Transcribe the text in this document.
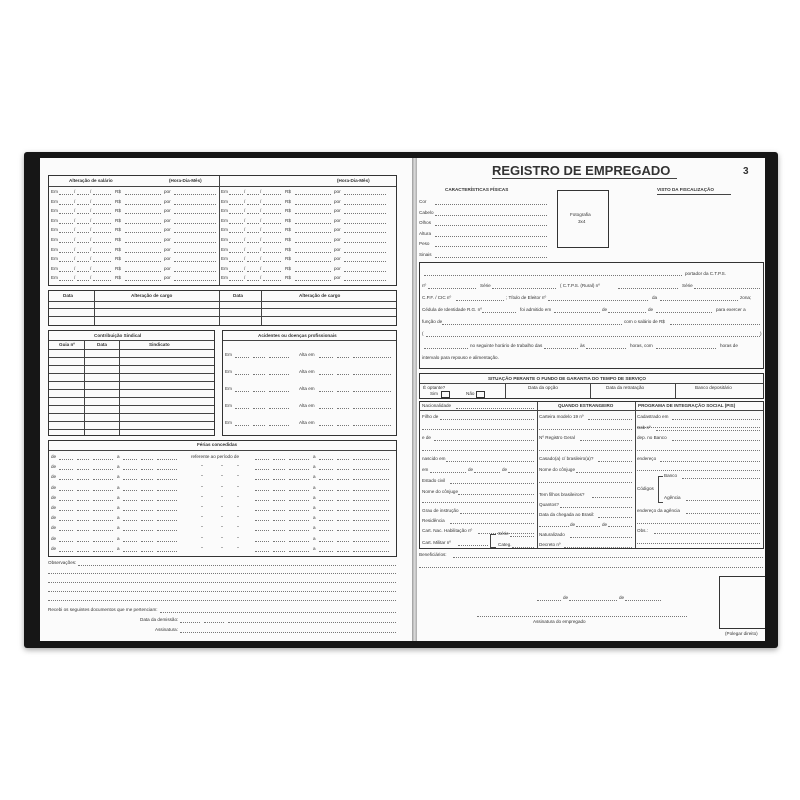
Alteração de salário	(Hora-Dia-Mês)	(Hora-Dia-Mês)
Em	/	/	R$	por	Em	/	/	R$	por
Em	/	/	R$	por	Em	/	/	R$	por
Em	/	/	R$	por	Em	/	/	R$	por
Em	/	/	R$	por	Em	/	/	R$	por
Em	/	/	R$	por	Em	/	/	R$	por
Em	/	/	R$	por	Em	/	/	R$	por
Em	/	/	R$	por	Em	/	/	R$	por
Em	/	/	R$	por	Em	/	/	R$	por
Em	/	/	R$	por	Em	/	/	R$	por
Em	/	/	R$	por	Em	/	/	R$	por
Data	Alteração de cargo	Data	Alteração de cargo
Contribuição Sindical
Guia nº	Data	Sindicato
Acidentes ou doenças profissionais
Em	Alta em
Em	Alta em
Em	Alta em
Em	Alta em
Em	Alta em
Férias concedidas
de	a	referente ao período de	a
de	a	"	"	"	a
de	a	"	"	"	a
de	a	"	"	"	a
de	a	"	"	"	a
de	a	"	"	"	a
de	a	"	"	"	a
de	a	"	"	"	a
de	a	"	"	"	a
de	a	"	"	"	a
Observações:
Recebi os seguintes documentos que me pertenciam:
Data da demissão:
Assinatura:
REGISTRO DE EMPREGADO	3
CARACTERÍSTICAS FÍSICAS	VISTO DA FISCALIZAÇÃO
Cor
Cabelo
Olhos
Altura
Peso
Sinais
Fotografia
3x4
portador da C.T.P.S.
nº	Série	( C.T.P.S. (Rural) nº	Série
C.P.F. / CIC nº	; Título de Eleitor nº	da	zona;
Cédula de Identidade R.G. nº	foi admitido em	de	de	para exercer a
função de	com o salário de R$
(	)
no seguinte horário de trabalho das	às	horas, com	horas de
intervalo para repouso e alimentação.
SITUAÇÃO PERANTE O FUNDO DE GARANTIA DO TEMPO DE SERVIÇO
É optante?
Sim	Não
Data da opção	Data da retratação	Banco depositário
Nacionalidade
Filho de
e de
nascido em
em	de	de
Estado civil
Nome do cônjuge
Grau de instrução
Residência
Cart. Nac. Habilitação nº
Cart. Militar nº
Série
Categ.
QUANDO ESTRANGEIRO
Carteira modelo 19 nº
Nº Registro Geral
Casado(a) c/ brasileiro(a)?
Nome do cônjuge
Tem filhos brasileiros?
Quantos?
Data da chegada ao Brasil:
de	de
Naturalizado
Decreto nº
PROGRAMA DE INTEGRAÇÃO SOCIAL (PIS)
Cadastrado em
Sob nº
dep. no Banco
endereço
Códigos
Banco
Agência
endereço da agência
Obs.:
Beneficiários:
de	de
Assinatura do empregado
(Polegar direito)
